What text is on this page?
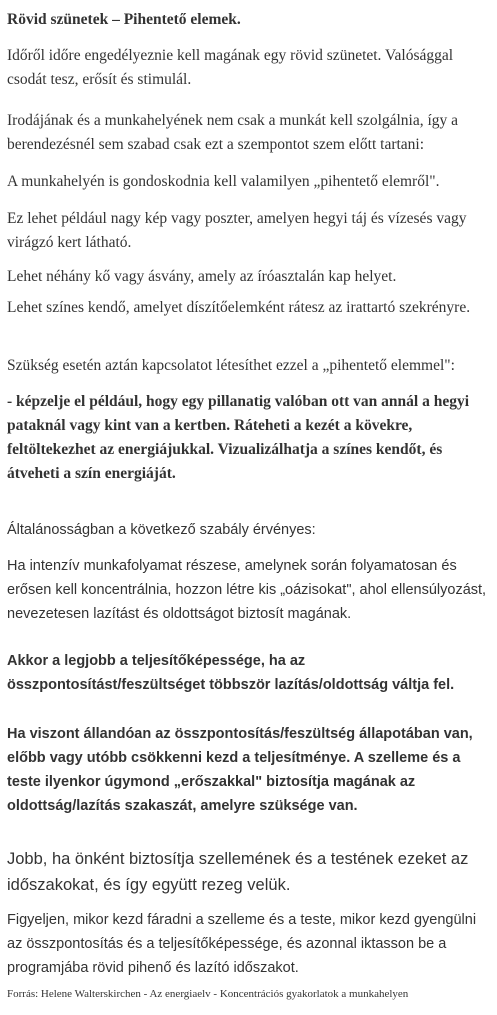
Rövid szünetek – Pihentető elemek.

Időről időre engedélyeznie kell magának egy rövid szünetet. Valósággal csodát tesz, erősít és stimulál.

Irodájának és a munkahelyének nem csak a munkát kell szolgálnia, így a berendezésnél sem szabad csak ezt a szempontot szem előtt tartani:

A munkahelyén is gondoskodnia kell valamilyen „pihentető elemről".

Ez lehet például nagy kép vagy poszter, amelyen hegyi táj és vízesés vagy virágzó kert látható.

Lehet néhány kő vagy ásvány, amely az íróasztalán kap helyet.

Lehet színes kendő, amelyet díszítőelemként rátesz az irattartó szekrényre.

Szükség esetén aztán kapcsolatot létesíthet ezzel a „pihentető elemmel":

- képzelje el például, hogy egy pillanatig valóban ott van annál a hegyi pataknál vagy kint van a kertben. Ráteheti a kezét a kövekre, feltöltekezhet az energiájukkal. Vizualizálhatja a színes kendőt, és átveheti a szín energiáját.

Általánosságban a következő szabály érvényes:

Ha intenzív munkafolyamat részese, amelynek során folyamatosan és erősen kell koncentrálnia, hozzon létre kis „oázisokat", ahol ellensúlyozást, nevezetesen lazítást és oldottságot biztosít magának.

Akkor a legjobb a teljesítőképessége, ha az összpontosítást/feszültséget többször lazítás/oldottság váltja fel.

Ha viszont állandóan az összpontosítás/feszültség állapotában van, előbb vagy utóbb csökkenni kezd a teljesítménye. A szelleme és a teste ilyenkor úgymond „erőszakkal" biztosítja magának az oldottság/lazítás szakaszát, amelyre szüksége van.

Jobb, ha önként biztosítja szellemének és a testének ezeket az időszakokat, és így együtt rezeg velük.

Figyeljen, mikor kezd fáradni a szelleme és a teste, mikor kezd gyengülni az összpontosítás és a teljesítőképessége, és azonnal iktasson be a programjába rövid pihenő és lazító időszakot.

Forrás: Helene Walterskirchen - Az energiaelv - Koncentrációs gyakorlatok a munkahelyen
